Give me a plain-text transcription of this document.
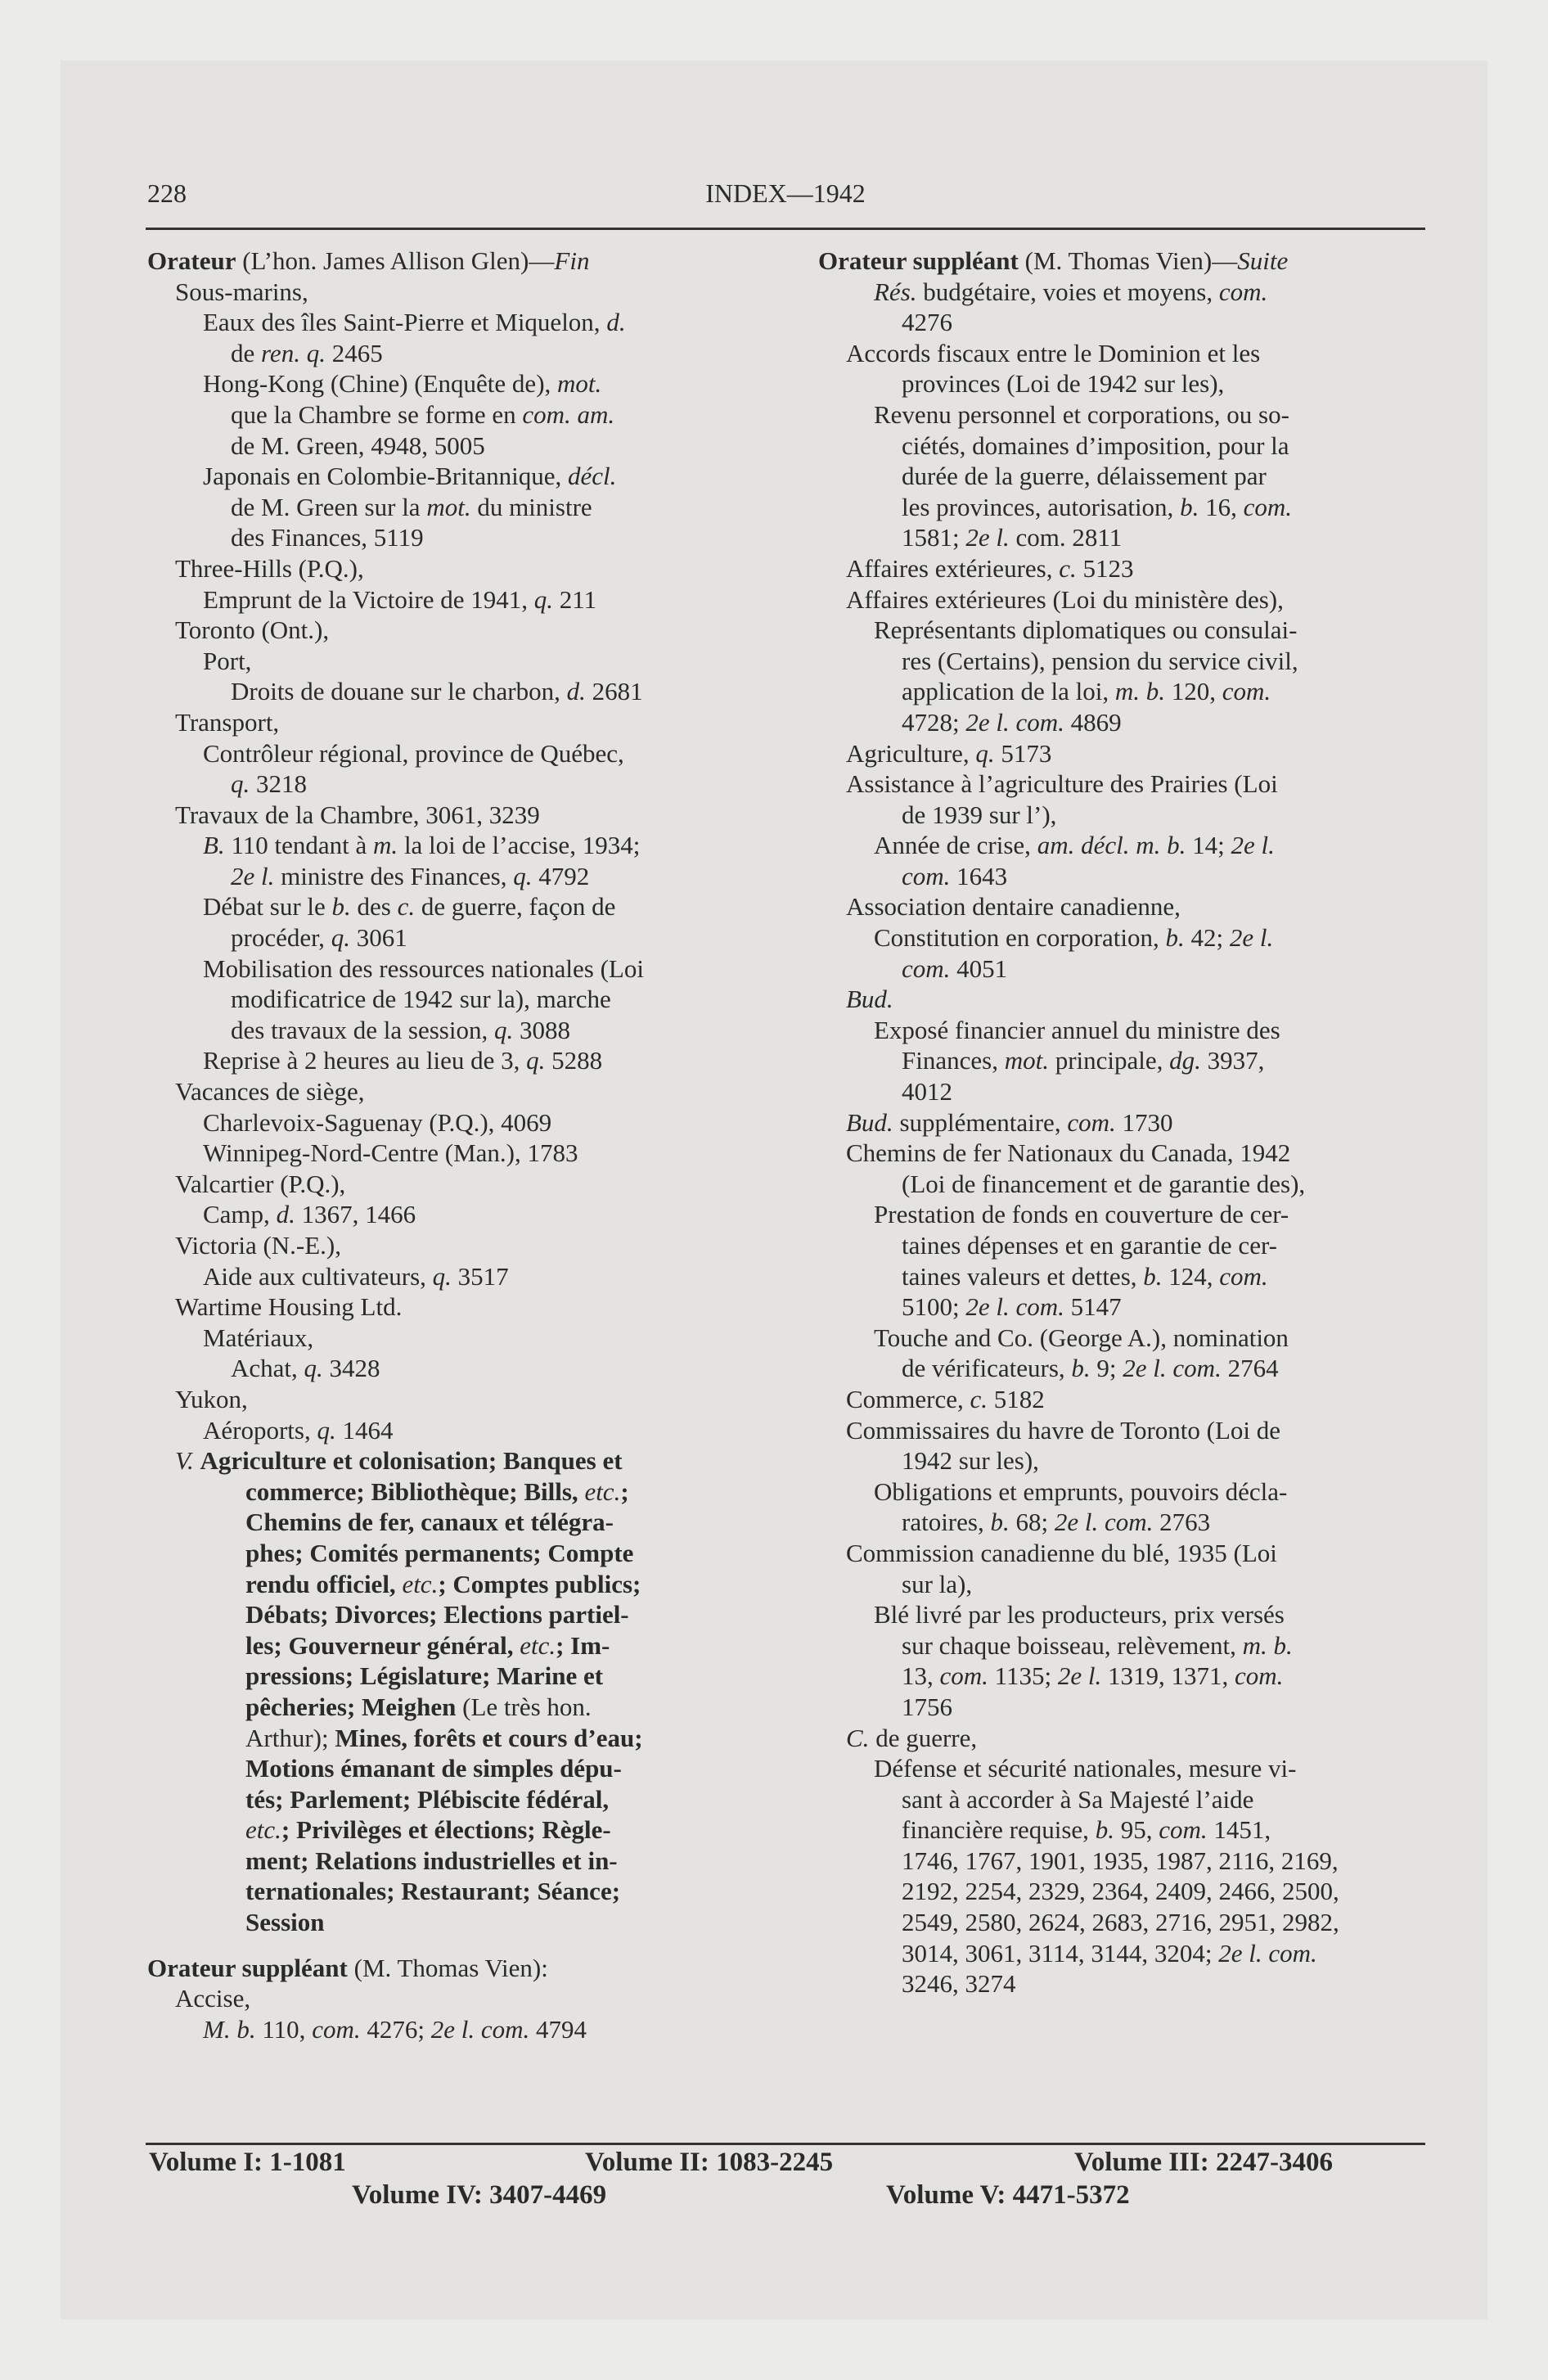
228	INDEX—1942
Orateur (L’hon. James Allison Glen)—Fin
Sous-marins,
Eaux des îles Saint-Pierre et Miquelon, d.
de ren. q. 2465
Hong-Kong (Chine) (Enquête de), mot.
que la Chambre se forme en com. am.
de M. Green, 4948, 5005
Japonais en Colombie-Britannique, décl.
de M. Green sur la mot. du ministre
des Finances, 5119
Three-Hills (P.Q.),
Emprunt de la Victoire de 1941, q. 211
Toronto (Ont.),
Port,
Droits de douane sur le charbon, d. 2681
Transport,
Contrôleur régional, province de Québec,
q. 3218
Travaux de la Chambre, 3061, 3239
B. 110 tendant à m. la loi de l’accise, 1934;
2e l. ministre des Finances, q. 4792
Débat sur le b. des c. de guerre, façon de
procéder, q. 3061
Mobilisation des ressources nationales (Loi
modificatrice de 1942 sur la), marche
des travaux de la session, q. 3088
Reprise à 2 heures au lieu de 3, q. 5288
Vacances de siège,
Charlevoix-Saguenay (P.Q.), 4069
Winnipeg-Nord-Centre (Man.), 1783
Valcartier (P.Q.),
Camp, d. 1367, 1466
Victoria (N.-E.),
Aide aux cultivateurs, q. 3517
Wartime Housing Ltd.
Matériaux,
Achat, q. 3428
Yukon,
Aéroports, q. 1464
V. Agriculture et colonisation; Banques et
commerce; Bibliothèque; Bills, etc.;
Chemins de fer, canaux et télégra-
phes; Comités permanents; Compte
rendu officiel, etc.; Comptes publics;
Débats; Divorces; Elections partiel-
les; Gouverneur général, etc.; Im-
pressions; Législature; Marine et
pêcheries; Meighen (Le très hon.
Arthur); Mines, forêts et cours d’eau;
Motions émanant de simples dépu-
tés; Parlement; Plébiscite fédéral,
etc.; Privilèges et élections; Règle-
ment; Relations industrielles et in-
ternationales; Restaurant; Séance;
Session
Orateur suppléant (M. Thomas Vien):
Accise,
M. b. 110, com. 4276; 2e l. com. 4794
Orateur suppléant (M. Thomas Vien)—Suite
Rés. budgétaire, voies et moyens, com.
4276
Accords fiscaux entre le Dominion et les
provinces (Loi de 1942 sur les),
Revenu personnel et corporations, ou so-
ciétés, domaines d’imposition, pour la
durée de la guerre, délaissement par
les provinces, autorisation, b. 16, com.
1581; 2e l. com. 2811
Affaires extérieures, c. 5123
Affaires extérieures (Loi du ministère des),
Représentants diplomatiques ou consulai-
res (Certains), pension du service civil,
application de la loi, m. b. 120, com.
4728; 2e l. com. 4869
Agriculture, q. 5173
Assistance à l’agriculture des Prairies (Loi
de 1939 sur l’),
Année de crise, am. décl. m. b. 14; 2e l.
com. 1643
Association dentaire canadienne,
Constitution en corporation, b. 42; 2e l.
com. 4051
Bud.
Exposé financier annuel du ministre des
Finances, mot. principale, dg. 3937,
4012
Bud. supplémentaire, com. 1730
Chemins de fer Nationaux du Canada, 1942
(Loi de financement et de garantie des),
Prestation de fonds en couverture de cer-
taines dépenses et en garantie de cer-
taines valeurs et dettes, b. 124, com.
5100; 2e l. com. 5147
Touche and Co. (George A.), nomination
de vérificateurs, b. 9; 2e l. com. 2764
Commerce, c. 5182
Commissaires du havre de Toronto (Loi de
1942 sur les),
Obligations et emprunts, pouvoirs décla-
ratoires, b. 68; 2e l. com. 2763
Commission canadienne du blé, 1935 (Loi
sur la),
Blé livré par les producteurs, prix versés
sur chaque boisseau, relèvement, m. b.
13, com. 1135; 2e l. 1319, 1371, com.
1756
C. de guerre,
Défense et sécurité nationales, mesure vi-
sant à accorder à Sa Majesté l’aide
financière requise, b. 95, com. 1451,
1746, 1767, 1901, 1935, 1987, 2116, 2169,
2192, 2254, 2329, 2364, 2409, 2466, 2500,
2549, 2580, 2624, 2683, 2716, 2951, 2982,
3014, 3061, 3114, 3144, 3204; 2e l. com.
3246, 3274
Volume I: 1-1081	Volume II: 1083-2245	Volume III: 2247-3406
Volume IV: 3407-4469	Volume V: 4471-5372
